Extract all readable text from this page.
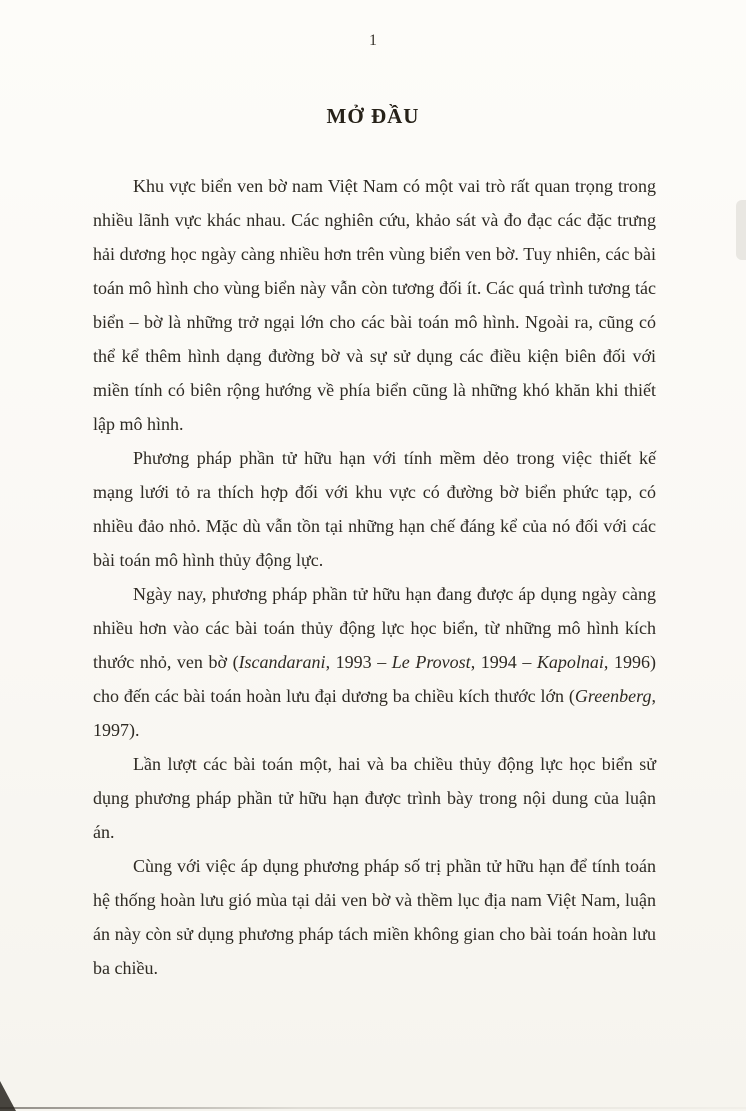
1
MỞ ĐẦU

Khu vực biển ven bờ nam Việt Nam có một vai trò rất quan trọng trong nhiều lãnh vực khác nhau. Các nghiên cứu, khảo sát và đo đạc các đặc trưng hải dương học ngày càng nhiều hơn trên vùng biển ven bờ. Tuy nhiên, các bài toán mô hình cho vùng biển này vẫn còn tương đối ít. Các quá trình tương tác biển – bờ là những trở ngại lớn cho các bài toán mô hình. Ngoài ra, cũng có thể kể thêm hình dạng đường bờ và sự sử dụng các điều kiện biên đối với miền tính có biên rộng hướng về phía biển cũng là những khó khăn khi thiết lập mô hình.

Phương pháp phần tử hữu hạn với tính mềm dẻo trong việc thiết kế mạng lưới tỏ ra thích hợp đối với khu vực có đường bờ biển phức tạp, có nhiều đảo nhỏ. Mặc dù vẫn tồn tại những hạn chế đáng kể của nó đối với các bài toán mô hình thủy động lực.

Ngày nay, phương pháp phần tử hữu hạn đang được áp dụng ngày càng nhiều hơn vào các bài toán thủy động lực học biển, từ những mô hình kích thước nhỏ, ven bờ (Iscandarani, 1993 – Le Provost, 1994 – Kapolnai, 1996) cho đến các bài toán hoàn lưu đại dương ba chiều kích thước lớn (Greenberg, 1997).

Lần lượt các bài toán một, hai và ba chiều thủy động lực học biển sử dụng phương pháp phần tử hữu hạn được trình bày trong nội dung của luận án.

Cùng với việc áp dụng phương pháp số trị phần tử hữu hạn để tính toán hệ thống hoàn lưu gió mùa tại dải ven bờ và thềm lục địa nam Việt Nam, luận án này còn sử dụng phương pháp tách miền không gian cho bài toán hoàn lưu ba chiều.
